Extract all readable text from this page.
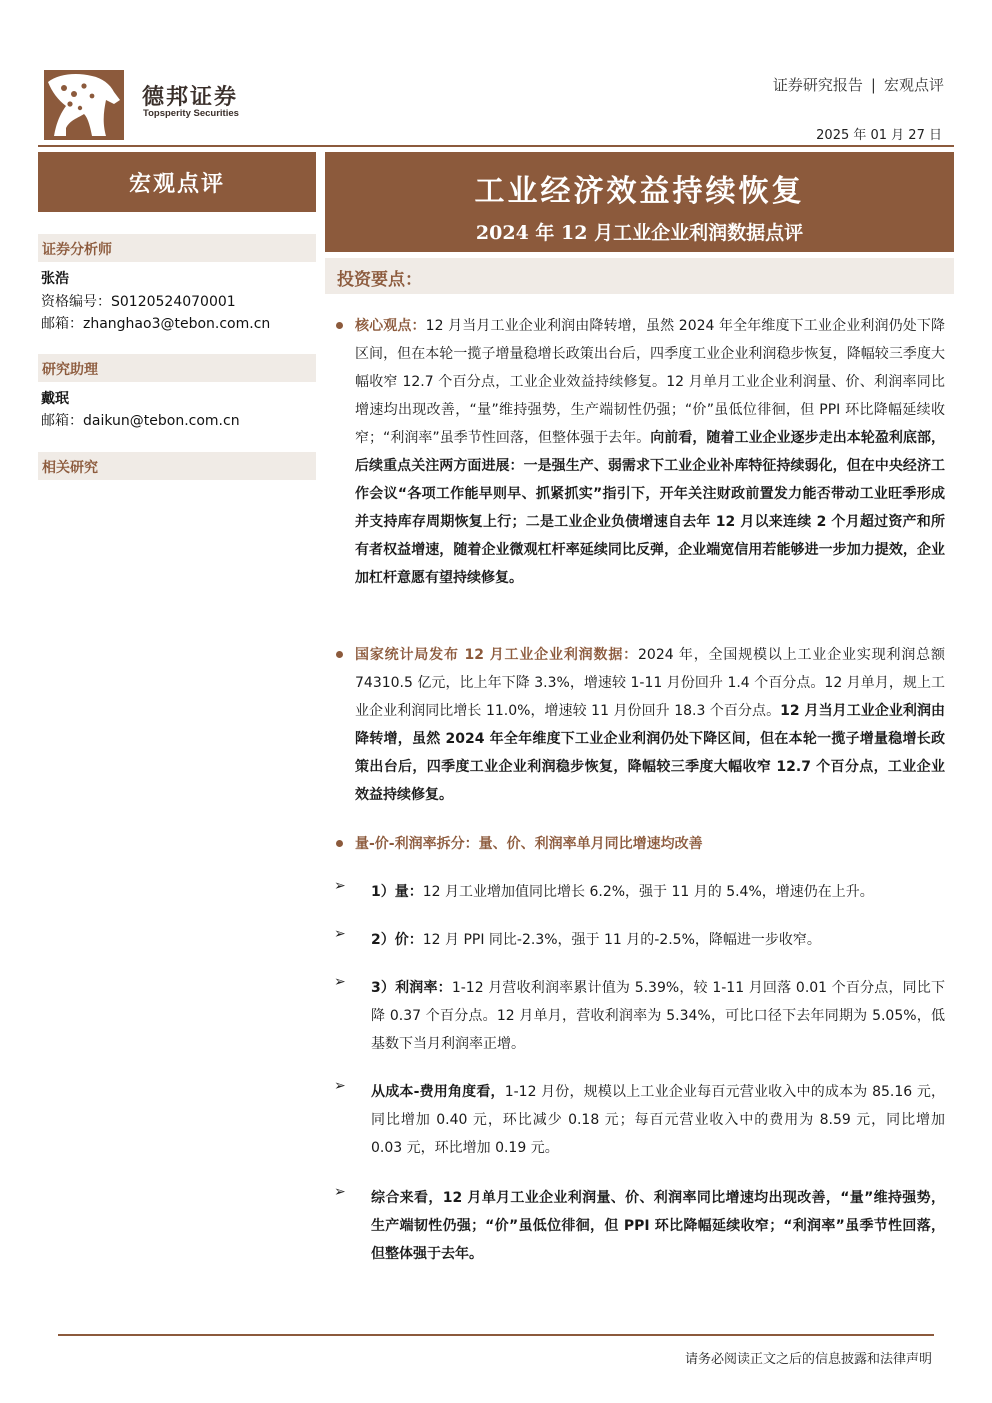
德邦证券
Topsperity Securities
证券研究报告 | 宏观点评
2025 年 01 月 27 日
宏观点评	工业经济效益持续恢复
2024 年 12 月工业企业利润数据点评
证券分析师
张浩
资格编号：S0120524070001
邮箱：zhanghao3@tebon.com.cn
研究助理
戴珉
邮箱：daikun@tebon.com.cn
相关研究
投资要点：
核心观点：12 月当月工业企业利润由降转增，虽然 2024 年全年维度下工业企业利润仍处下降区间，但在本轮一揽子增量稳增长政策出台后，四季度工业企业利润稳步恢复，降幅较三季度大幅收窄 12.7 个百分点，工业企业效益持续修复。12 月单月工业企业利润量、价、利润率同比增速均出现改善，“量”维持强势，生产端韧性仍强；“价”虽低位徘徊，但 PPI 环比降幅延续收窄；“利润率”虽季节性回落，但整体强于去年。向前看，随着工业企业逐步走出本轮盈利底部，后续重点关注两方面进展：一是强生产、弱需求下工业企业补库特征持续弱化，但在中央经济工作会议“各项工作能早则早、抓紧抓实”指引下，开年关注财政前置发力能否带动工业旺季形成并支持库存周期恢复上行；二是工业企业负债增速自去年 12 月以来连续 2 个月超过资产和所有者权益增速，随着企业微观杠杆率延续同比反弹，企业端宽信用若能够进一步加力提效，企业加杠杆意愿有望持续修复。
国家统计局发布 12 月工业企业利润数据：2024 年，全国规模以上工业企业实现利润总额 74310.5 亿元，比上年下降 3.3%，增速较 1-11 月份回升 1.4 个百分点。12 月单月，规上工业企业利润同比增长 11.0%，增速较 11 月份回升 18.3 个百分点。12 月当月工业企业利润由降转增，虽然 2024 年全年维度下工业企业利润仍处下降区间，但在本轮一揽子增量稳增长政策出台后，四季度工业企业利润稳步恢复，降幅较三季度大幅收窄 12.7 个百分点，工业企业效益持续修复。
量-价-利润率拆分：量、价、利润率单月同比增速均改善
➢ 1）量：12 月工业增加值同比增长 6.2%，强于 11 月的 5.4%，增速仍在上升。
➢ 2）价：12 月 PPI 同比-2.3%，强于 11 月的-2.5%，降幅进一步收窄。
➢ 3）利润率：1-12 月营收利润率累计值为 5.39%，较 1-11 月回落 0.01 个百分点，同比下降 0.37 个百分点。12 月单月，营收利润率为 5.34%，可比口径下去年同期为 5.05%，低基数下当月利润率正增。
➢ 从成本-费用角度看，1-12 月份，规模以上工业企业每百元营业收入中的成本为 85.16 元，同比增加 0.40 元，环比减少 0.18 元；每百元营业收入中的费用为 8.59 元，同比增加 0.03 元，环比增加 0.19 元。
➢ 综合来看，12 月单月工业企业利润量、价、利润率同比增速均出现改善，“量”维持强势，生产端韧性仍强；“价”虽低位徘徊，但 PPI 环比降幅延续收窄；“利润率”虽季节性回落，但整体强于去年。
请务必阅读正文之后的信息披露和法律声明
